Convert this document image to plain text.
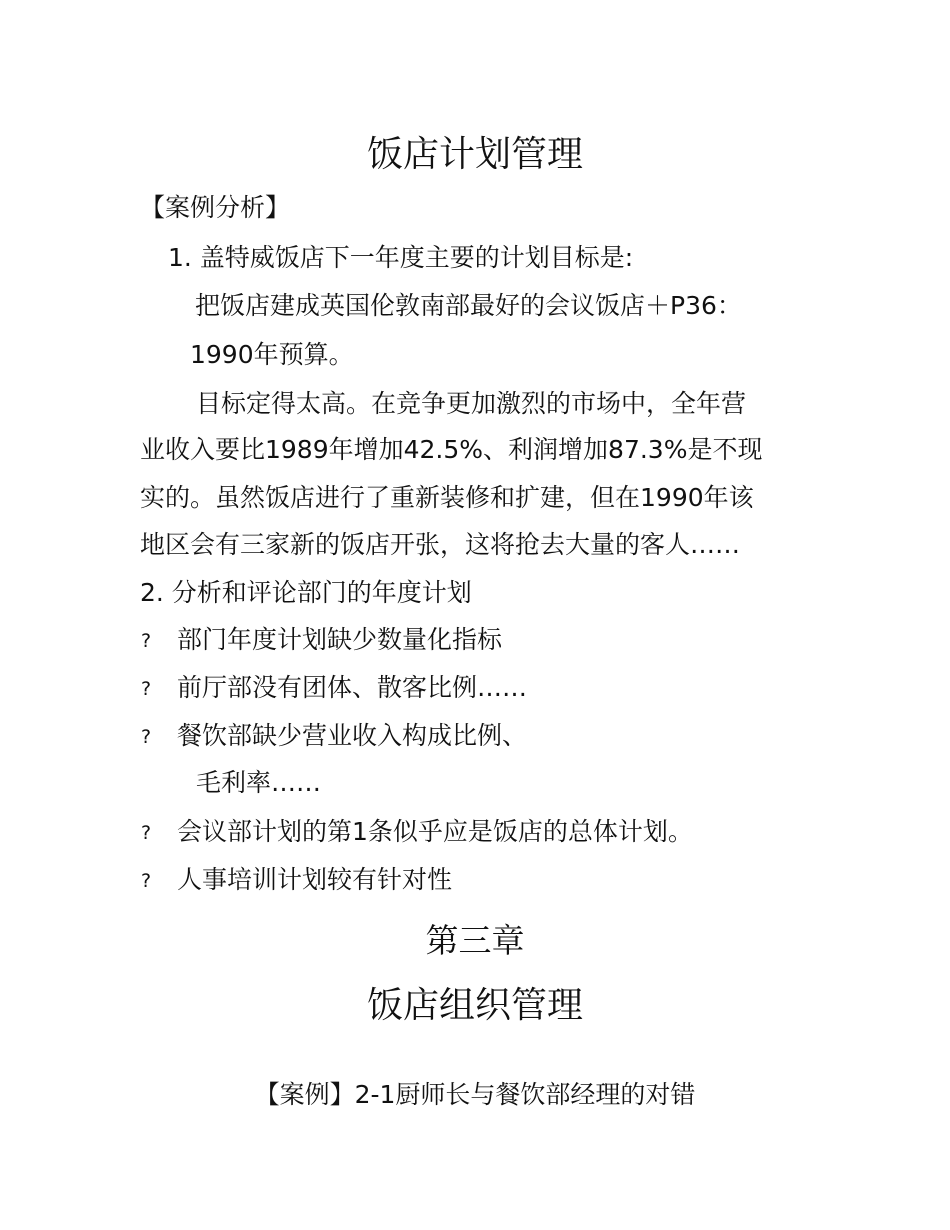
饭店计划管理
【案例分析】
1. 盖特威饭店下一年度主要的计划目标是:
把饭店建成英国伦敦南部最好的会议饭店＋P36：
1990年预算。
目标定得太高。在竞争更加激烈的市场中，全年营
业收入要比1989年增加42.5%、利润增加87.3%是不现
实的。虽然饭店进行了重新装修和扩建，但在1990年该
地区会有三家新的饭店开张，这将抢去大量的客人……
2. 分析和评论部门的年度计划
? 部门年度计划缺少数量化指标
? 前厅部没有团体、散客比例……
? 餐饮部缺少营业收入构成比例、
毛利率……
? 会议部计划的第1条似乎应是饭店的总体计划。
? 人事培训计划较有针对性
第三章
饭店组织管理
【案例】2-1厨师长与餐饮部经理的对错
